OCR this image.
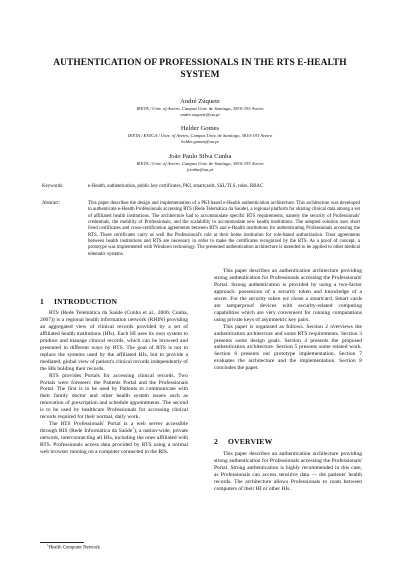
AUTHENTICATION OF PROFESSIONALS IN THE RTS E-HEALTH SYSTEM
André Zúquete
IEETA / Univ. of Aveiro, Campus Univ. de Santiago, 3810-193 Aveiro
andre.zuquete@ua.pt
Helder Gomes
IEETA / ESTGA / Univ. of Aveiro, Campus Univ. de Santiago, 3810-193 Aveiro
helder.gomes@ua.pt
João Paulo Silva Cunha
IEETA / Univ. of Aveiro, Campus Univ. de Santiago, 3810-193 Aveiro
jcunha@ua.pt
Keywords:	e-Health, authentication, public key certificates, PKI, smartcards, SSL/TLS, roles, RBAC
Abstract:	This paper describes the design and implementation of a PKI-based e-Health authentication architecture. This architecture was developed to authenticate e-Health Professionals accessing RTS (Rede Telemática da Saúde), a regional platform for sharing clinical data among a set of affiliated health institutions. The architecture had to accommodate specific RTS requirements, namely the security of Professionals' credentials, the mobility of Professionals, and the scalability to accommodate new health institutions. The adopted solution uses short lived certificates and cross-certification agreements between RTS and e-Health institutions for authenticating Professionals accessing the RTS. These certificates carry as well the Professional's role at their home institution for role-based authorization. Trust agreements between health institutions and RTS are necessary in order to make the certificates recognized by the RTS. As a proof of concept, a prototype was implemented with Windows technology. The presented authentication architecture is intended to be applied to other medical telematic systems.
1 INTRODUCTION

RTS (Rede Telemática da Saúde (Cunha et al., 2006; Cunha, 2007)) is a regional health information network (RHIN) providing an aggregated view of clinical records provided by a set of affiliated health institutions (HIs). Each HI uses its own system to produce and manage clinical records, which can be browsed and presented in different ways by RTS. The goal of RTS is not to replace the systems used by the affiliated HIs, but to provide a mediated, global view of patient's clinical records independently of the HIs holding their records.

RTS provides Portals for accessing clinical records. Two Portals were foreseen: the Patients Portal and the Professionals Portal. The first is to be used by Patients to communicate with their family doctor and other health system issues such as renovation of prescription and schedule appointments. The second is to be used by healthcare Professionals for accessing clinical records required for their normal, daily work.

The RTS Professionals' Portal is a web server accessible through RIS (Rede Informática da Saúde$^1$), a nation-wide, private network, interconnecting all HIs, including the ones affiliated with RTS. Professionals access data provided by RTS using a normal web browser running on a computer connected to the RIS.

This paper describes an authentication architecture providing strong authentication for Professionals accessing the Professionals' Portal. Strong authentication is provided by using a two-factor approach: possession of a security token and knowledge of a secret. For the security token we chose a smartcard. Smart cards are tamperproof devices with security-related computing capabilities which are very convenient for running computations using private keys of asymmetric key pairs.

This paper is organised as follows. Section 2 overviews the authentication architecture and some RTS requirements. Section 3 presents some design goals. Section 4 presents the proposed authentication architecture. Section 5 presents some related work. Section 6 presents our prototype implementation. Section 7 evaluates the architecture and the implementation. Section 8 concludes the paper.

2 OVERVIEW

This paper describes an authentication architecture providing strong authentication for Professionals accessing the Professionals' Portal. Strong authentication is highly recommended in this case, as Professionals can access sensitive data — the patients' health records. The architecture allows Professionals to roam between computers of their HI or other HIs.

$^1$Health Computer Network
